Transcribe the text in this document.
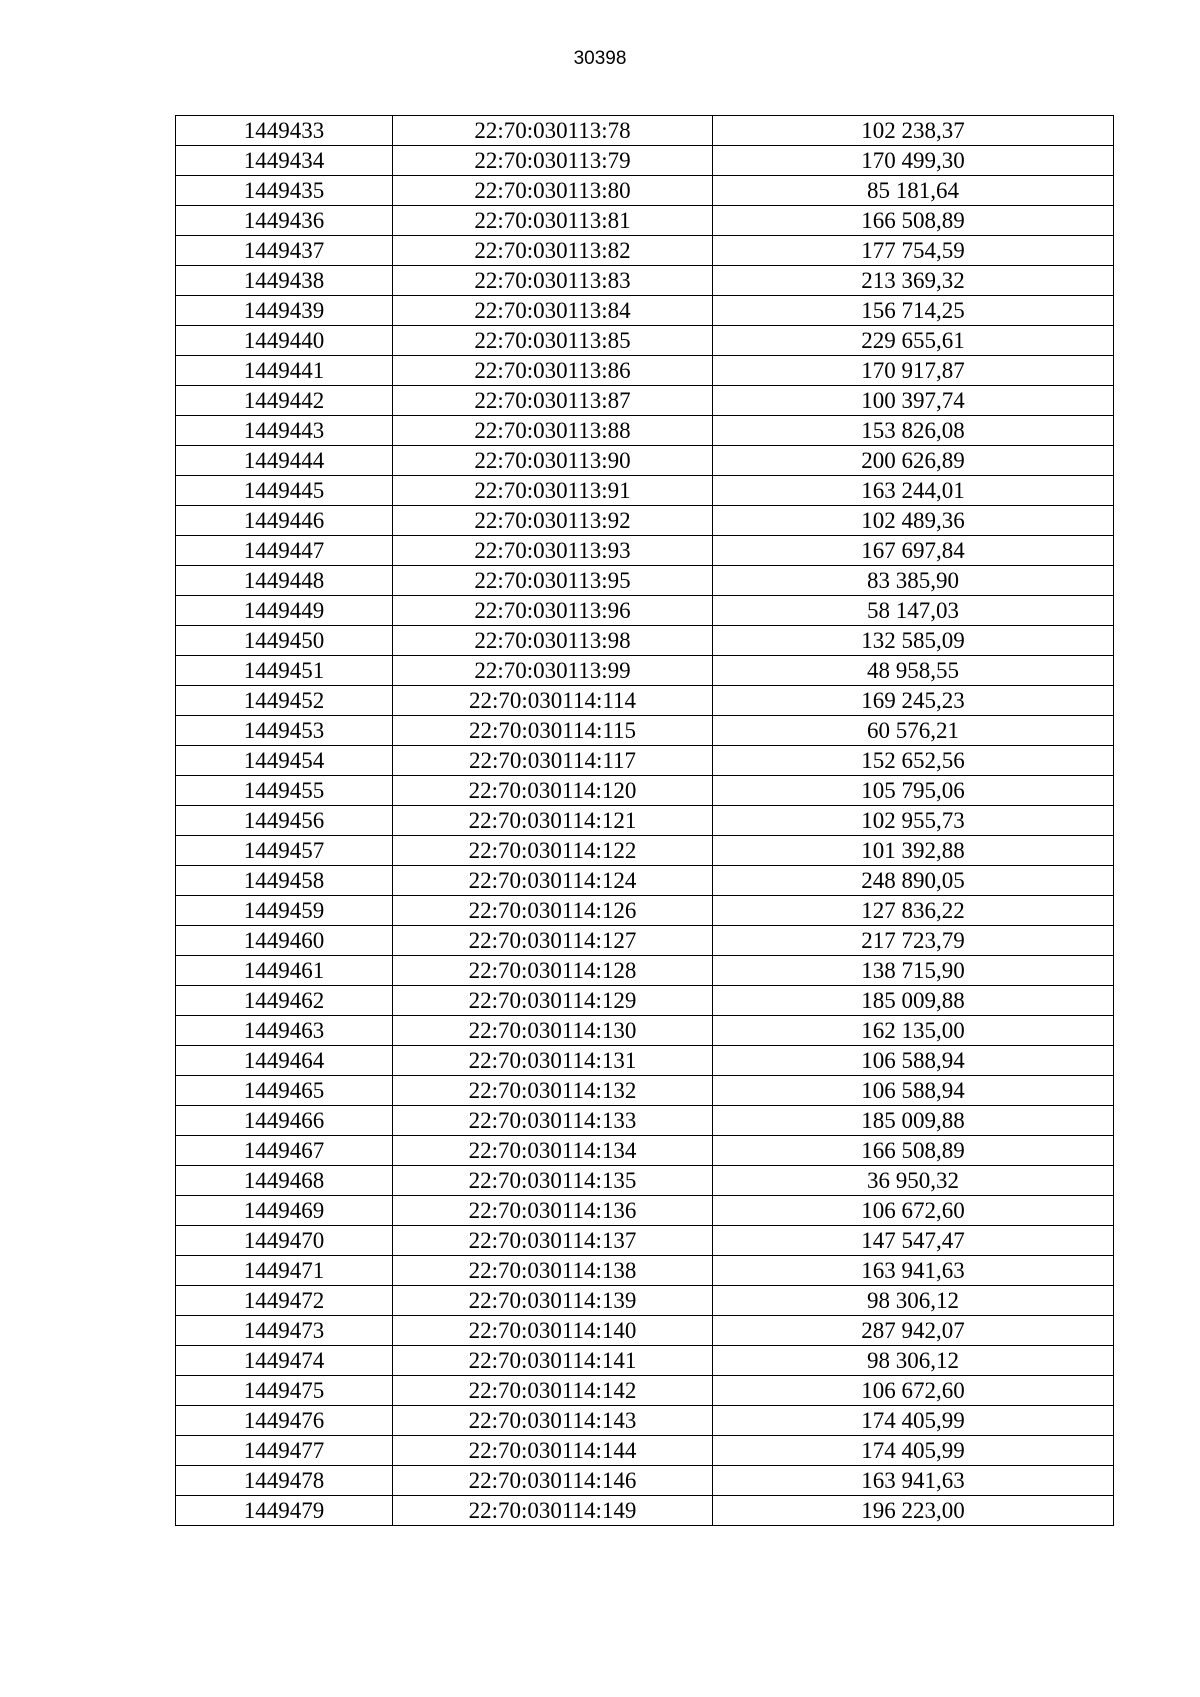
30398
1449433	22:70:030113:78	102 238,37
1449434	22:70:030113:79	170 499,30
1449435	22:70:030113:80	85 181,64
1449436	22:70:030113:81	166 508,89
1449437	22:70:030113:82	177 754,59
1449438	22:70:030113:83	213 369,32
1449439	22:70:030113:84	156 714,25
1449440	22:70:030113:85	229 655,61
1449441	22:70:030113:86	170 917,87
1449442	22:70:030113:87	100 397,74
1449443	22:70:030113:88	153 826,08
1449444	22:70:030113:90	200 626,89
1449445	22:70:030113:91	163 244,01
1449446	22:70:030113:92	102 489,36
1449447	22:70:030113:93	167 697,84
1449448	22:70:030113:95	83 385,90
1449449	22:70:030113:96	58 147,03
1449450	22:70:030113:98	132 585,09
1449451	22:70:030113:99	48 958,55
1449452	22:70:030114:114	169 245,23
1449453	22:70:030114:115	60 576,21
1449454	22:70:030114:117	152 652,56
1449455	22:70:030114:120	105 795,06
1449456	22:70:030114:121	102 955,73
1449457	22:70:030114:122	101 392,88
1449458	22:70:030114:124	248 890,05
1449459	22:70:030114:126	127 836,22
1449460	22:70:030114:127	217 723,79
1449461	22:70:030114:128	138 715,90
1449462	22:70:030114:129	185 009,88
1449463	22:70:030114:130	162 135,00
1449464	22:70:030114:131	106 588,94
1449465	22:70:030114:132	106 588,94
1449466	22:70:030114:133	185 009,88
1449467	22:70:030114:134	166 508,89
1449468	22:70:030114:135	36 950,32
1449469	22:70:030114:136	106 672,60
1449470	22:70:030114:137	147 547,47
1449471	22:70:030114:138	163 941,63
1449472	22:70:030114:139	98 306,12
1449473	22:70:030114:140	287 942,07
1449474	22:70:030114:141	98 306,12
1449475	22:70:030114:142	106 672,60
1449476	22:70:030114:143	174 405,99
1449477	22:70:030114:144	174 405,99
1449478	22:70:030114:146	163 941,63
1449479	22:70:030114:149	196 223,00
